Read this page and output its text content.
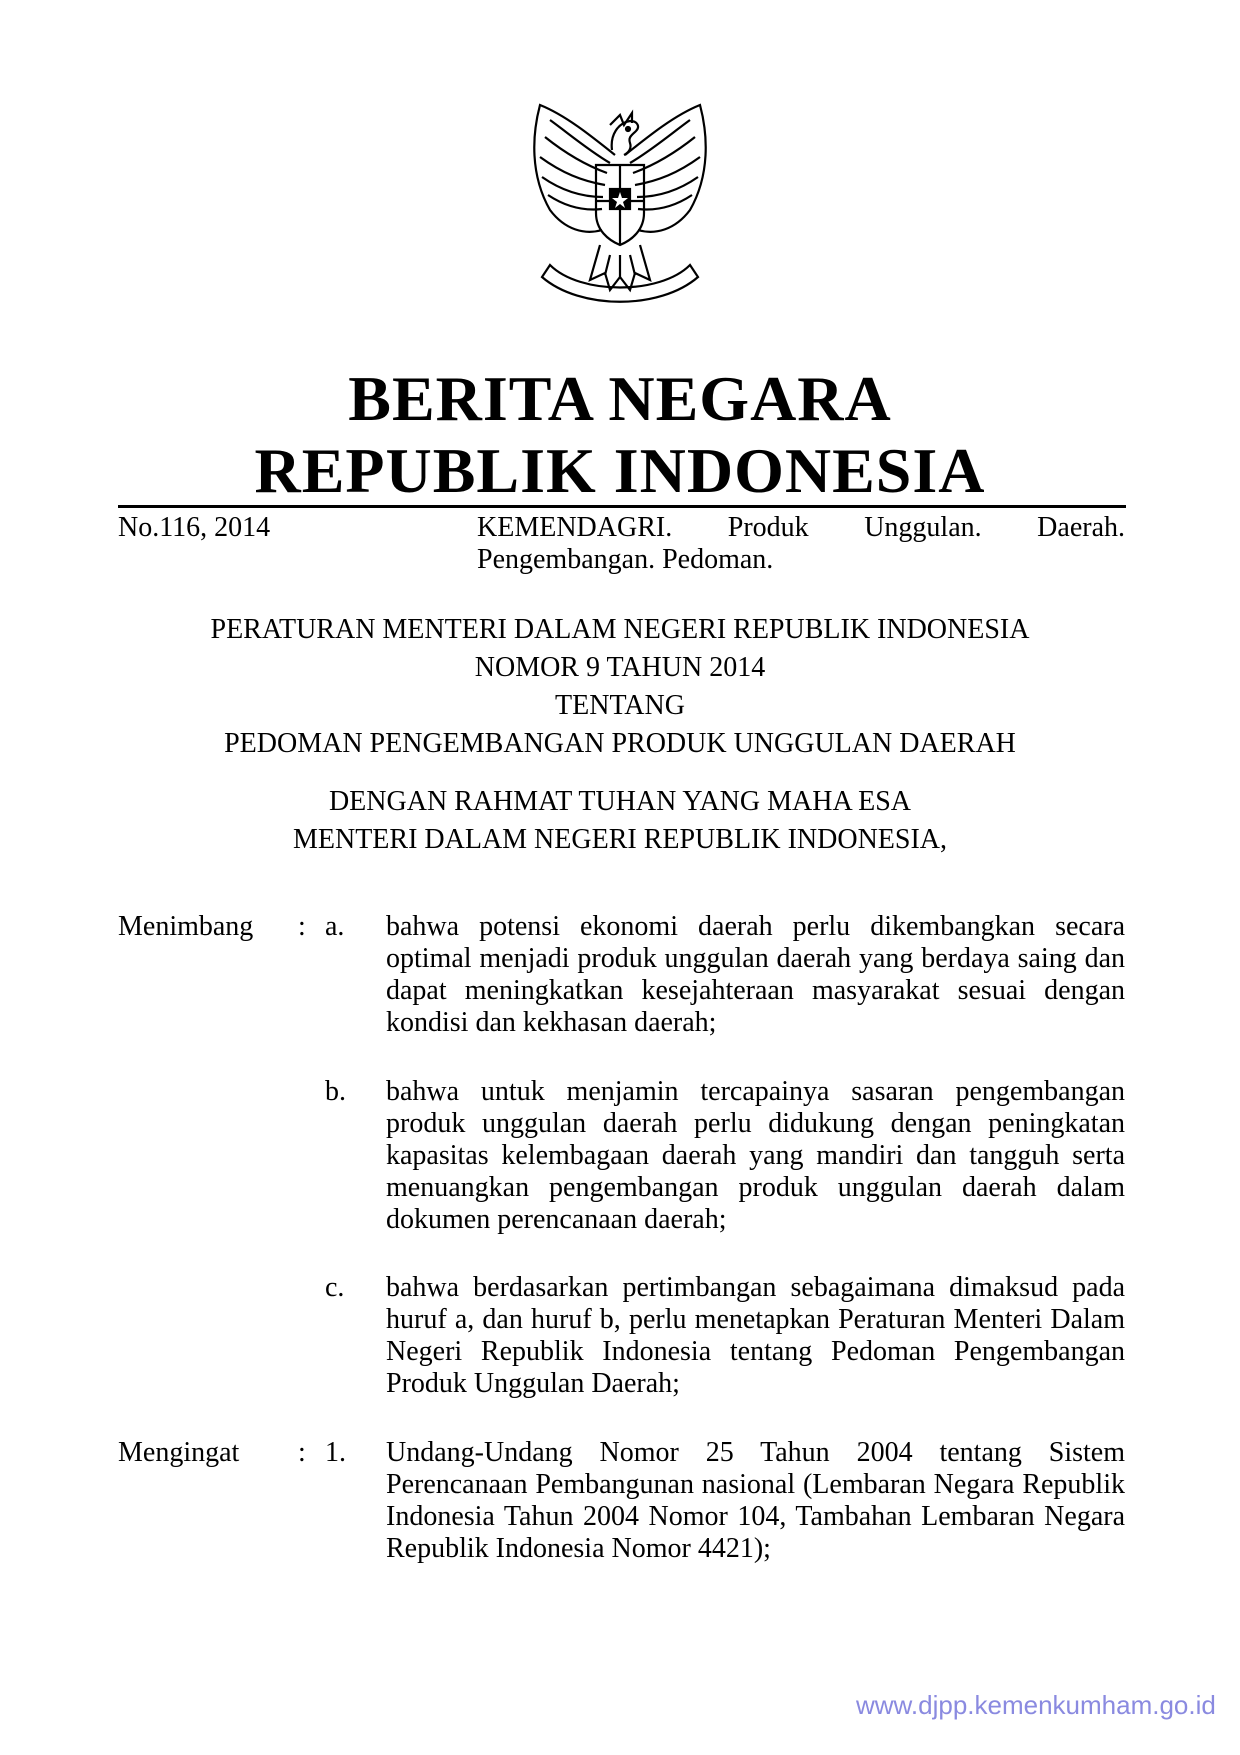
BERITA NEGARA
REPUBLIK INDONESIA
No.116, 2014	KEMENDAGRI. Produk Unggulan. Daerah. Pengembangan. Pedoman.
PERATURAN MENTERI DALAM NEGERI REPUBLIK INDONESIA
NOMOR 9 TAHUN 2014
TENTANG
PEDOMAN PENGEMBANGAN PRODUK UNGGULAN DAERAH
DENGAN RAHMAT TUHAN YANG MAHA ESA
MENTERI DALAM NEGERI REPUBLIK INDONESIA,
Menimbang : a. bahwa potensi ekonomi daerah perlu dikembangkan secara optimal menjadi produk unggulan daerah yang berdaya saing dan dapat meningkatkan kesejahteraan masyarakat sesuai dengan kondisi dan kekhasan daerah;
b. bahwa untuk menjamin tercapainya sasaran pengembangan produk unggulan daerah perlu didukung dengan peningkatan kapasitas kelembagaan daerah yang mandiri dan tangguh serta menuangkan pengembangan produk unggulan daerah dalam dokumen perencanaan daerah;
c. bahwa berdasarkan pertimbangan sebagaimana dimaksud pada huruf a, dan huruf b, perlu menetapkan Peraturan Menteri Dalam Negeri Republik Indonesia tentang Pedoman Pengembangan Produk Unggulan Daerah;
Mengingat : 1. Undang-Undang Nomor 25 Tahun 2004 tentang Sistem Perencanaan Pembangunan nasional (Lembaran Negara Republik Indonesia Tahun 2004 Nomor 104, Tambahan Lembaran Negara Republik Indonesia Nomor 4421);
www.djpp.kemenkumham.go.id
